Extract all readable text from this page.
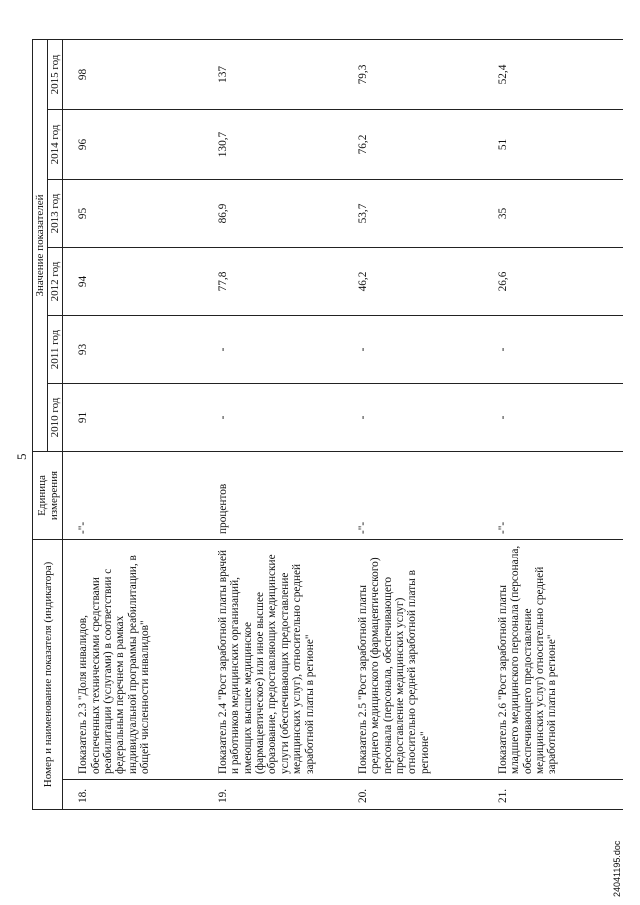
5
Номер и наименование показателя (индикатора)		Единица измерения	Значение показателей					
			2010 год	2011 год	2012 год	2013 год	2014 год	2015 год
18.	Показатель 2.3 "Доля инвалидов, обеспеченных техническими средствами реабилитации (услугами) в соответствии с федеральным перечнем в рамках индивидуальной программы реабилитации, в общей численности инвалидов"	-"-	91	93	94	95	96	98
19.	Показатель 2.4 "Рост заработной платы врачей и работников медицинских организаций, имеющих высшее медицинское (фармацевтическое) или иное высшее образование, предоставляющих медицинские услуги (обеспечивающих предоставление медицинских услуг), относительно средней заработной платы в регионе"	процентов	-	-	77,8	86,9	130,7	137
20.	Показатель 2.5 "Рост заработной платы среднего медицинского (фармацевтического) персонала (персонала, обеспечивающего предоставление медицинских услуг) относительно средней заработной платы в регионе"	-"-	-	-	46,2	53,7	76,2	79,3
21.	Показатель 2.6 "Рост заработной платы младшего медицинского персонала (персонала, обеспечивающего предоставление медицинских услуг) относительно средней заработной платы в регионе"	-"-	-	-	26,6	35	51	52,4
24041195.doc
